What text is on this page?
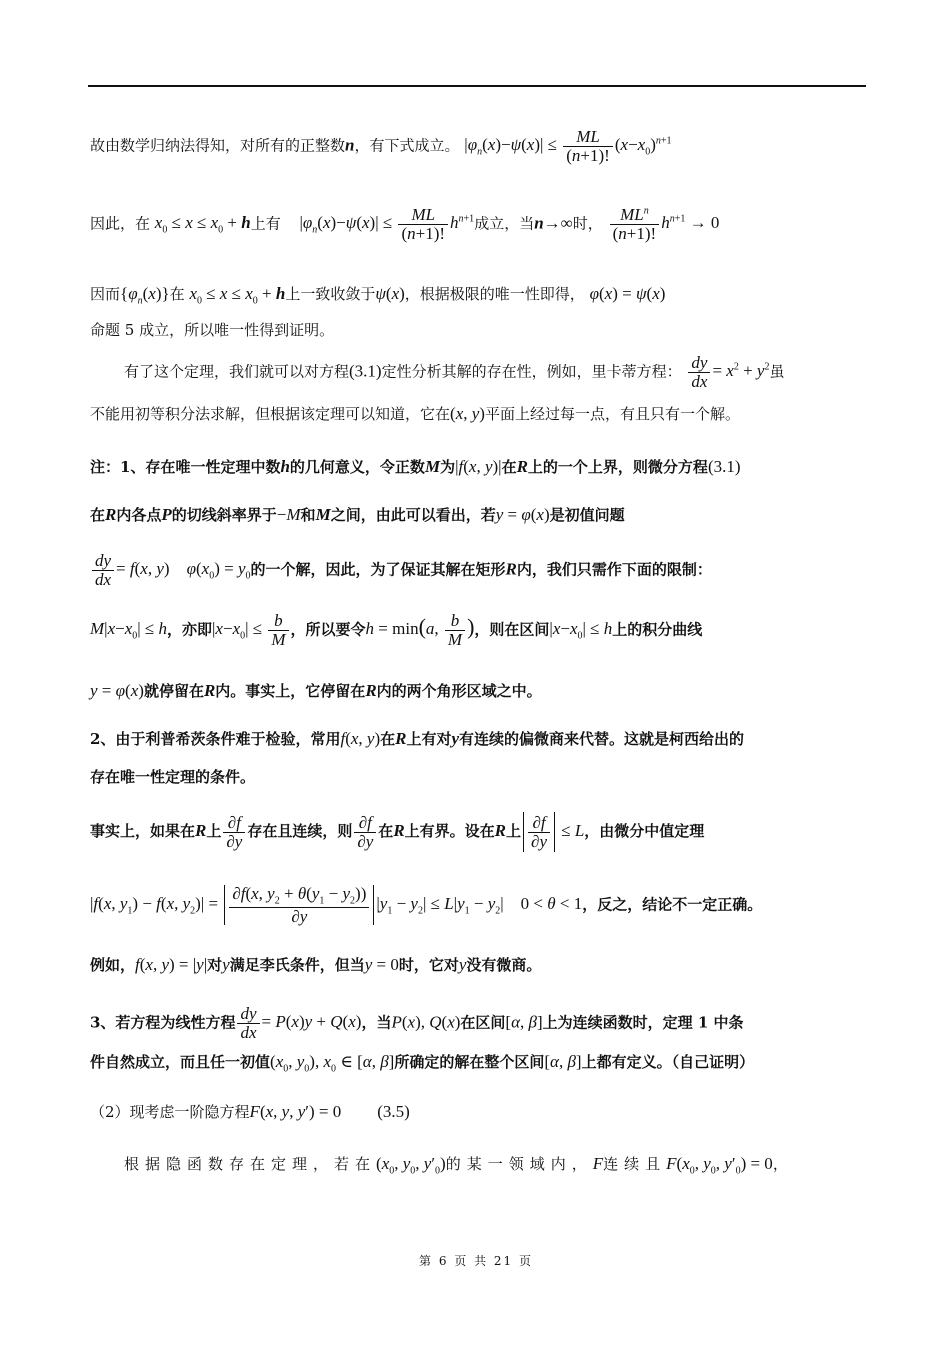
故由数学归纳法得知，对所有的正整数n，有下式成立。 $|\varphi_n(x)-\psi(x)| \le \frac{ML}{(n+1)!} (x-x_0)^{n+1}$
因此，在 $x_0 \le x \le x_0 + h$上有 $|\varphi_n(x)-\psi(x)| \le \frac{ML}{(n+1)!} h^{n+1}$成立，当n→∞时， $\frac{ML^n}{(n+1)!} h^{n+1} \to 0$
因而$\{\varphi_n(x)\}$在 $x_0 \le x \le x_0 + h$上一致收敛于ψ(x)，根据极限的唯一性即得， φ(x) = ψ(x)
命题 5 成立，所以唯一性得到证明。
有了这个定理，我们就可以对方程(3.1)定性分析其解的存在性，例如，里卡蒂方程： $\frac{dy}{dx} = x^2 + y^2$虽
不能用初等积分法求解，但根据该定理可以知道，它在(x, y)平面上经过每一点，有且只有一个解。
注：1、存在唯一性定理中数h的几何意义，令正数M为|f(x, y)|在R上的一个上界，则微分方程(3.1)
在R内各点P的切线斜率界于−M和M之间，由此可以看出，若y = φ(x)是初值问题
$\frac{dy}{dx} = f(x$, y)    $\varphi(x_0) = y_0$的一个解，因此，为了保证其解在矩形R内，我们只需作下面的限制：
$M|x-x_0| \le h$，亦即$|x-x_0| \le \frac{b}{M}$ ，所以要令h = min(a, $\frac{b}{M}$ )，则在区间$|x-x_0| \le h$上的积分曲线
y = φ(x)就停留在R内。事实上，它停留在R内的两个角形区域之中。
2、由于利普希茨条件难于检验，常用f(x, y)在R上有对y有连续的偏微商来代替。这就是柯西给出的
存在唯一性定理的条件。
事实上，如果在R上 $\frac{\partial f}{\partial y}$ 存在且连续，则 $\frac{\partial f}{\partial y}$ 在R上有界。设在R上 $\frac{\partial f}{\partial y} \le L$，由微分中值定理
|f(x, $y_1) - f(x$, $y_2)| = \frac{\partial f(x, y_2 + \theta(y_1 - y_2))}{\partial y} |y_1 - y_2| \le L|y_1 - y_2|$    0 < θ < 1，反之，结论不一定正确。
例如，f(x, y) = |y|对y满足李氏条件，但当y = 0时，它对y没有微商。
3、若方程为线性方程 $\frac{dy}{dx} = P(x)y + Q(x)$，当P(x), Q(x)在区间[α, β]上为连续函数时，定理 1 中条
件自然成立，而且任一初值($x_0$, $y_0$), $x_0$ ∈ [α, β]所确定的解在整个区间[α, β]上都有定义。（自己证明）
（2）现考虑一阶隐方程F(x, y, y′) = 0 (3.5)
根据隐函数存在定理，若在($x_0$, $y_0$, $y'_0$)的某一领域内，F连续且$F(x_0$, $y_0$, $y'_0) = 0$，
第 6 页 共 21 页
